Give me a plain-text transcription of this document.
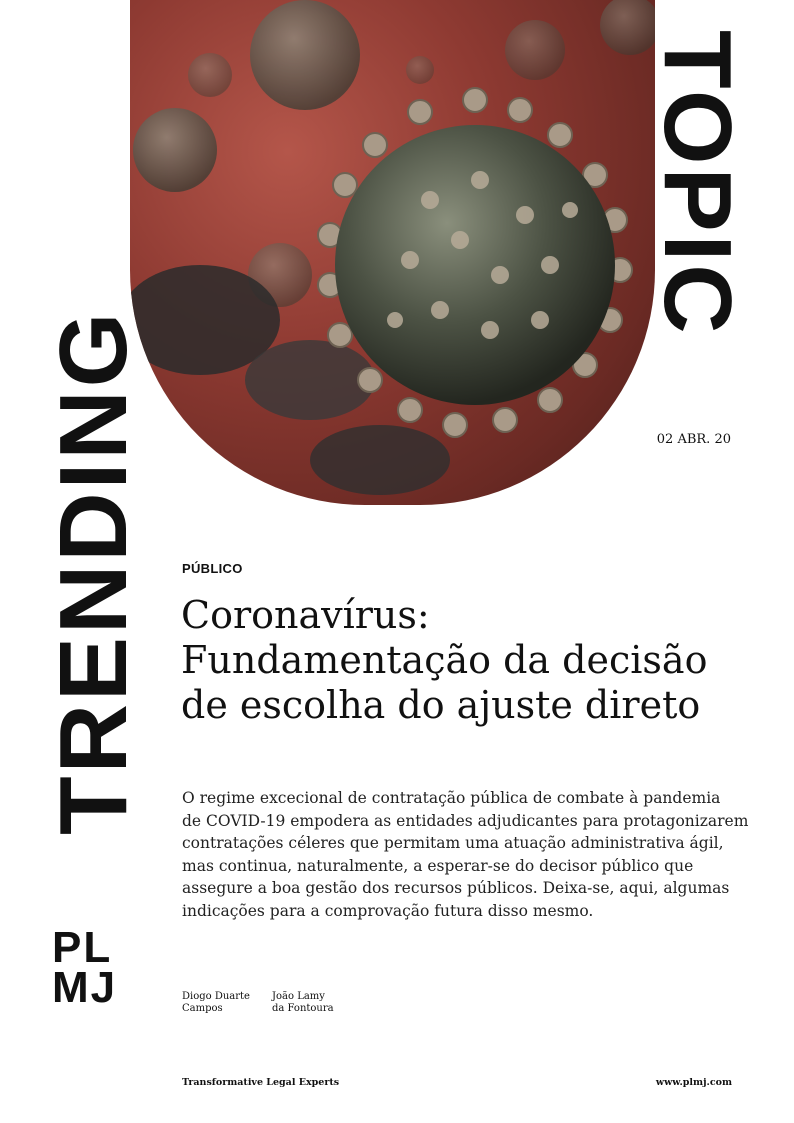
TRENDING
TOPIC
02 ABR. 20
PÚBLICO
Coronavírus:
Fundamentação da decisão
de escolha do ajuste direto
O regime excecional de contratação pública de combate à pandemia
de COVID-19 empodera as entidades adjudicantes para protagonizarem
contratações céleres que permitam uma atuação administrativa ágil,
mas continua, naturalmente, a esperar-se do decisor público que
assegure a boa gestão dos recursos públicos. Deixa-se, aqui, algumas
indicações para a comprovação futura disso mesmo.
PL
MJ	Diogo Duarte
Campos
João Lamy
da Fontoura
Transformative Legal Experts	www.plmj.com
